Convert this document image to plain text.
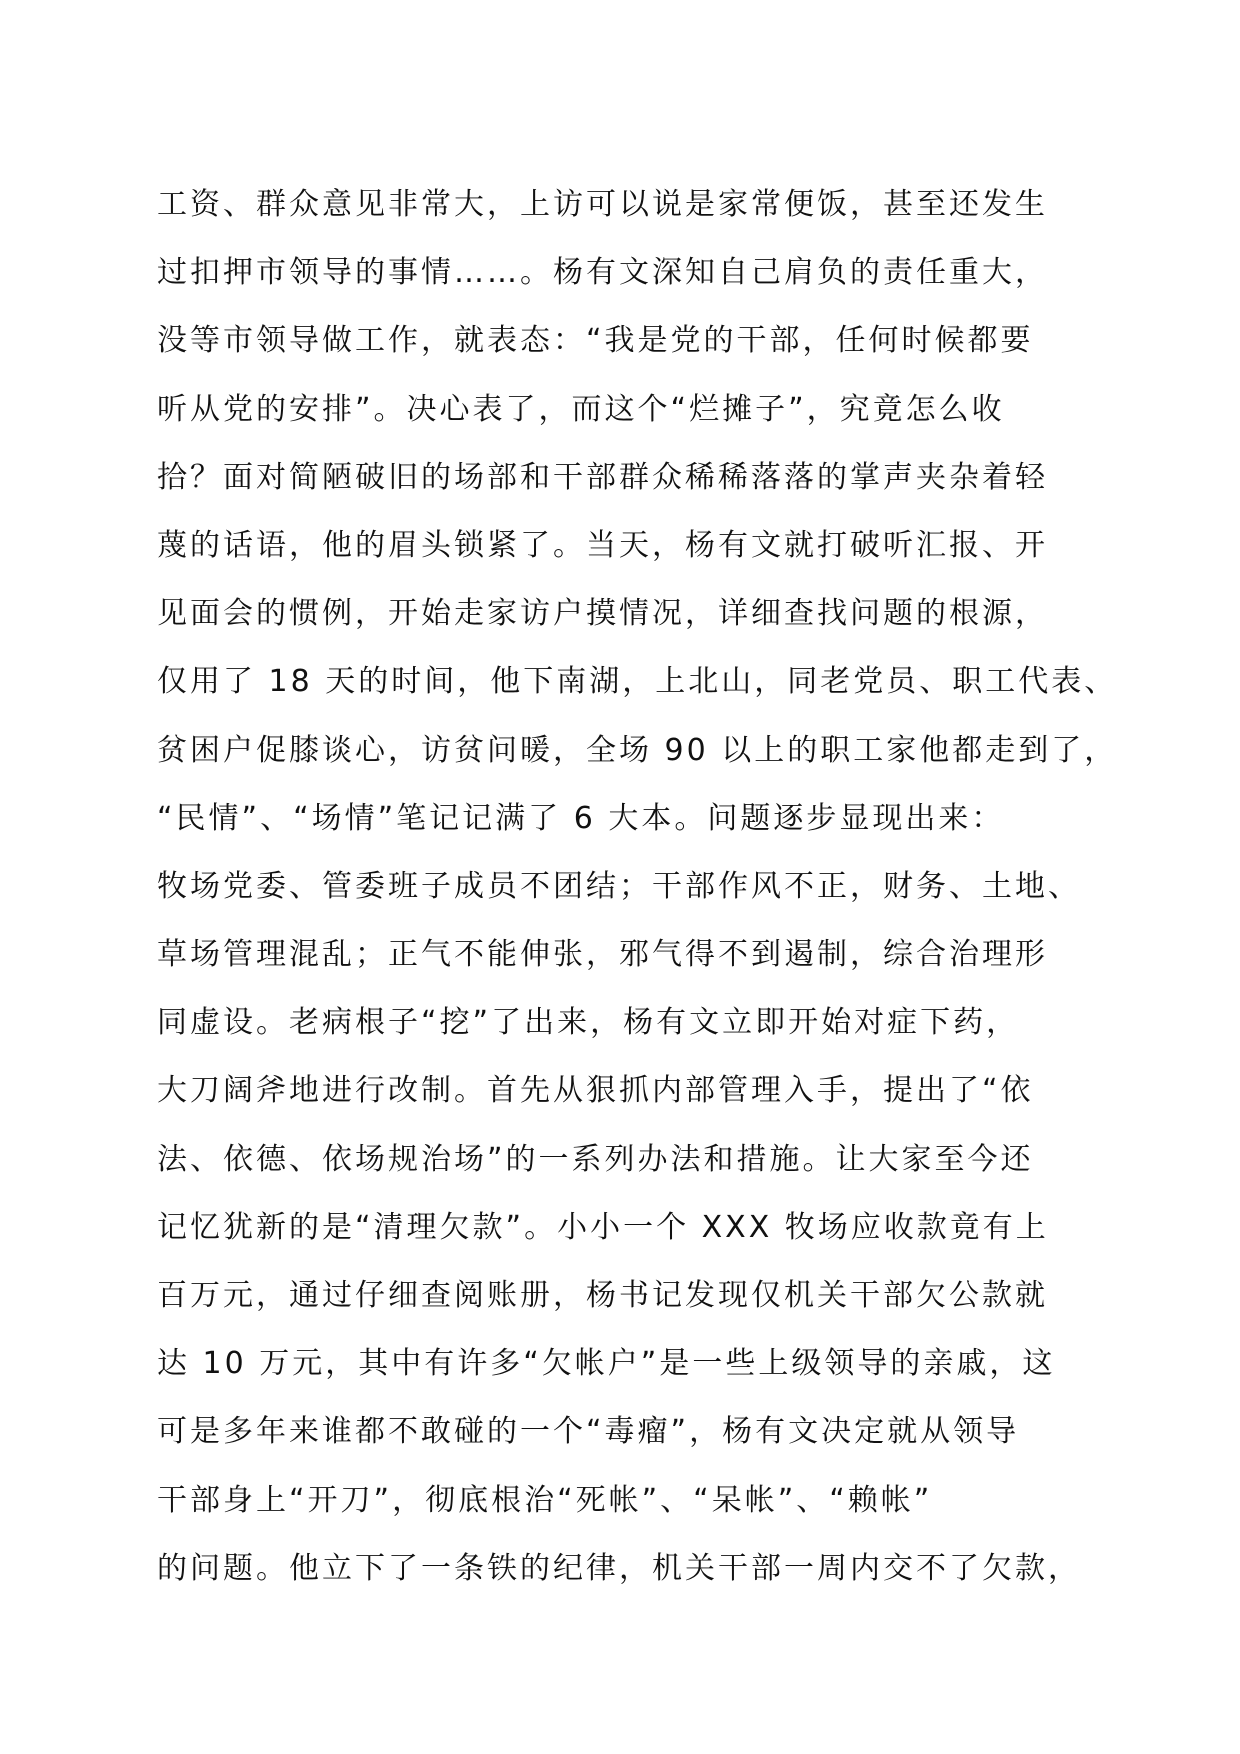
工资、群众意见非常大，上访可以说是家常便饭，甚至还发生
过扣押市领导的事情……。杨有文深知自己肩负的责任重大，
没等市领导做工作，就表态：“我是党的干部，任何时候都要
听从党的安排”。决心表了，而这个“烂摊子”，究竟怎么收
拾？面对简陋破旧的场部和干部群众稀稀落落的掌声夹杂着轻
蔑的话语，他的眉头锁紧了。当天，杨有文就打破听汇报、开
见面会的惯例，开始走家访户摸情况，详细查找问题的根源，
仅用了 18 天的时间，他下南湖，上北山，同老党员、职工代表、
贫困户促膝谈心，访贫问暖，全场 90 以上的职工家他都走到了，
“民情”、“场情”笔记记满了 6 大本。问题逐步显现出来：
牧场党委、管委班子成员不团结；干部作风不正，财务、土地、
草场管理混乱；正气不能伸张，邪气得不到遏制，综合治理形
同虚设。老病根子“挖”了出来，杨有文立即开始对症下药，
大刀阔斧地进行改制。首先从狠抓内部管理入手，提出了“依
法、依德、依场规治场”的一系列办法和措施。让大家至今还
记忆犹新的是“清理欠款”。小小一个 XXX 牧场应收款竟有上
百万元，通过仔细查阅账册，杨书记发现仅机关干部欠公款就
达 10 万元，其中有许多“欠帐户”是一些上级领导的亲戚，这
可是多年来谁都不敢碰的一个“毒瘤”，杨有文决定就从领导
干部身上“开刀”，彻底根治“死帐”、“呆帐”、“赖帐”
的问题。他立下了一条铁的纪律，机关干部一周内交不了欠款，
